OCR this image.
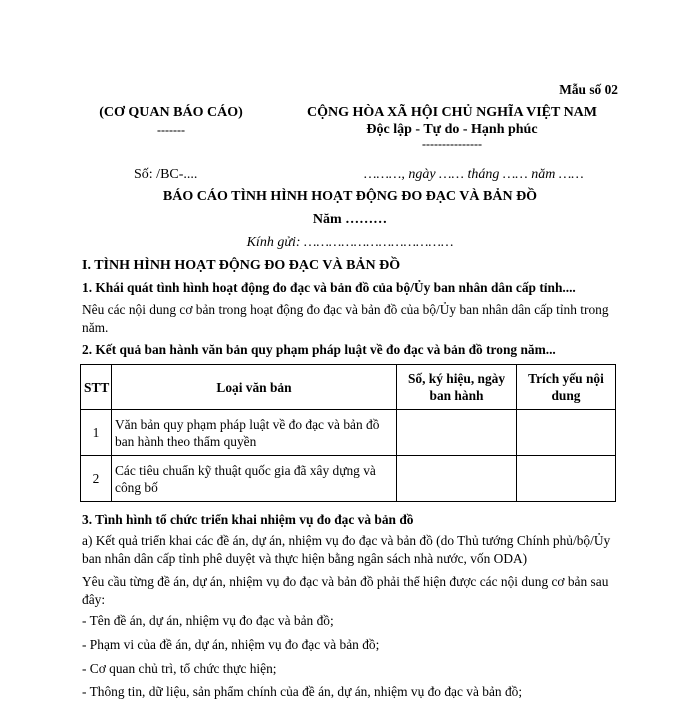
Mẫu số 02
(CƠ QUAN BÁO CÁO)
-------
CỘNG HÒA XÃ HỘI CHỦ NGHĨA VIỆT NAM
Độc lập - Tự do - Hạnh phúc
---------------
Số: /BC-....	………, ngày …… tháng …… năm ……
BÁO CÁO TÌNH HÌNH HOẠT ĐỘNG ĐO ĐẠC VÀ BẢN ĐỒ
Năm ………
Kính gửi: ………………………………
I. TÌNH HÌNH HOẠT ĐỘNG ĐO ĐẠC VÀ BẢN ĐỒ
1. Khái quát tình hình hoạt động đo đạc và bản đồ của bộ/Ủy ban nhân dân cấp tỉnh....
Nêu các nội dung cơ bản trong hoạt động đo đạc và bản đồ của bộ/Ủy ban nhân dân cấp tỉnh trong năm.
2. Kết quả ban hành văn bản quy phạm pháp luật về đo đạc và bản đồ trong năm...
STT	Loại văn bản	Số, ký hiệu, ngày ban hành	Trích yếu nội dung
1	Văn bản quy phạm pháp luật về đo đạc và bản đồ ban hành theo thẩm quyền		
2	Các tiêu chuẩn kỹ thuật quốc gia đã xây dựng và công bố		
3. Tình hình tổ chức triển khai nhiệm vụ đo đạc và bản đồ
a) Kết quả triển khai các đề án, dự án, nhiệm vụ đo đạc và bản đồ (do Thủ tướng Chính phủ/bộ/Ủy ban nhân dân cấp tỉnh phê duyệt và thực hiện bằng ngân sách nhà nước, vốn ODA)
Yêu cầu từng đề án, dự án, nhiệm vụ đo đạc và bản đồ phải thể hiện được các nội dung cơ bản sau đây:
- Tên đề án, dự án, nhiệm vụ đo đạc và bản đồ;
- Phạm vi của đề án, dự án, nhiệm vụ đo đạc và bản đồ;
- Cơ quan chủ trì, tổ chức thực hiện;
- Thông tin, dữ liệu, sản phẩm chính của đề án, dự án, nhiệm vụ đo đạc và bản đồ;
